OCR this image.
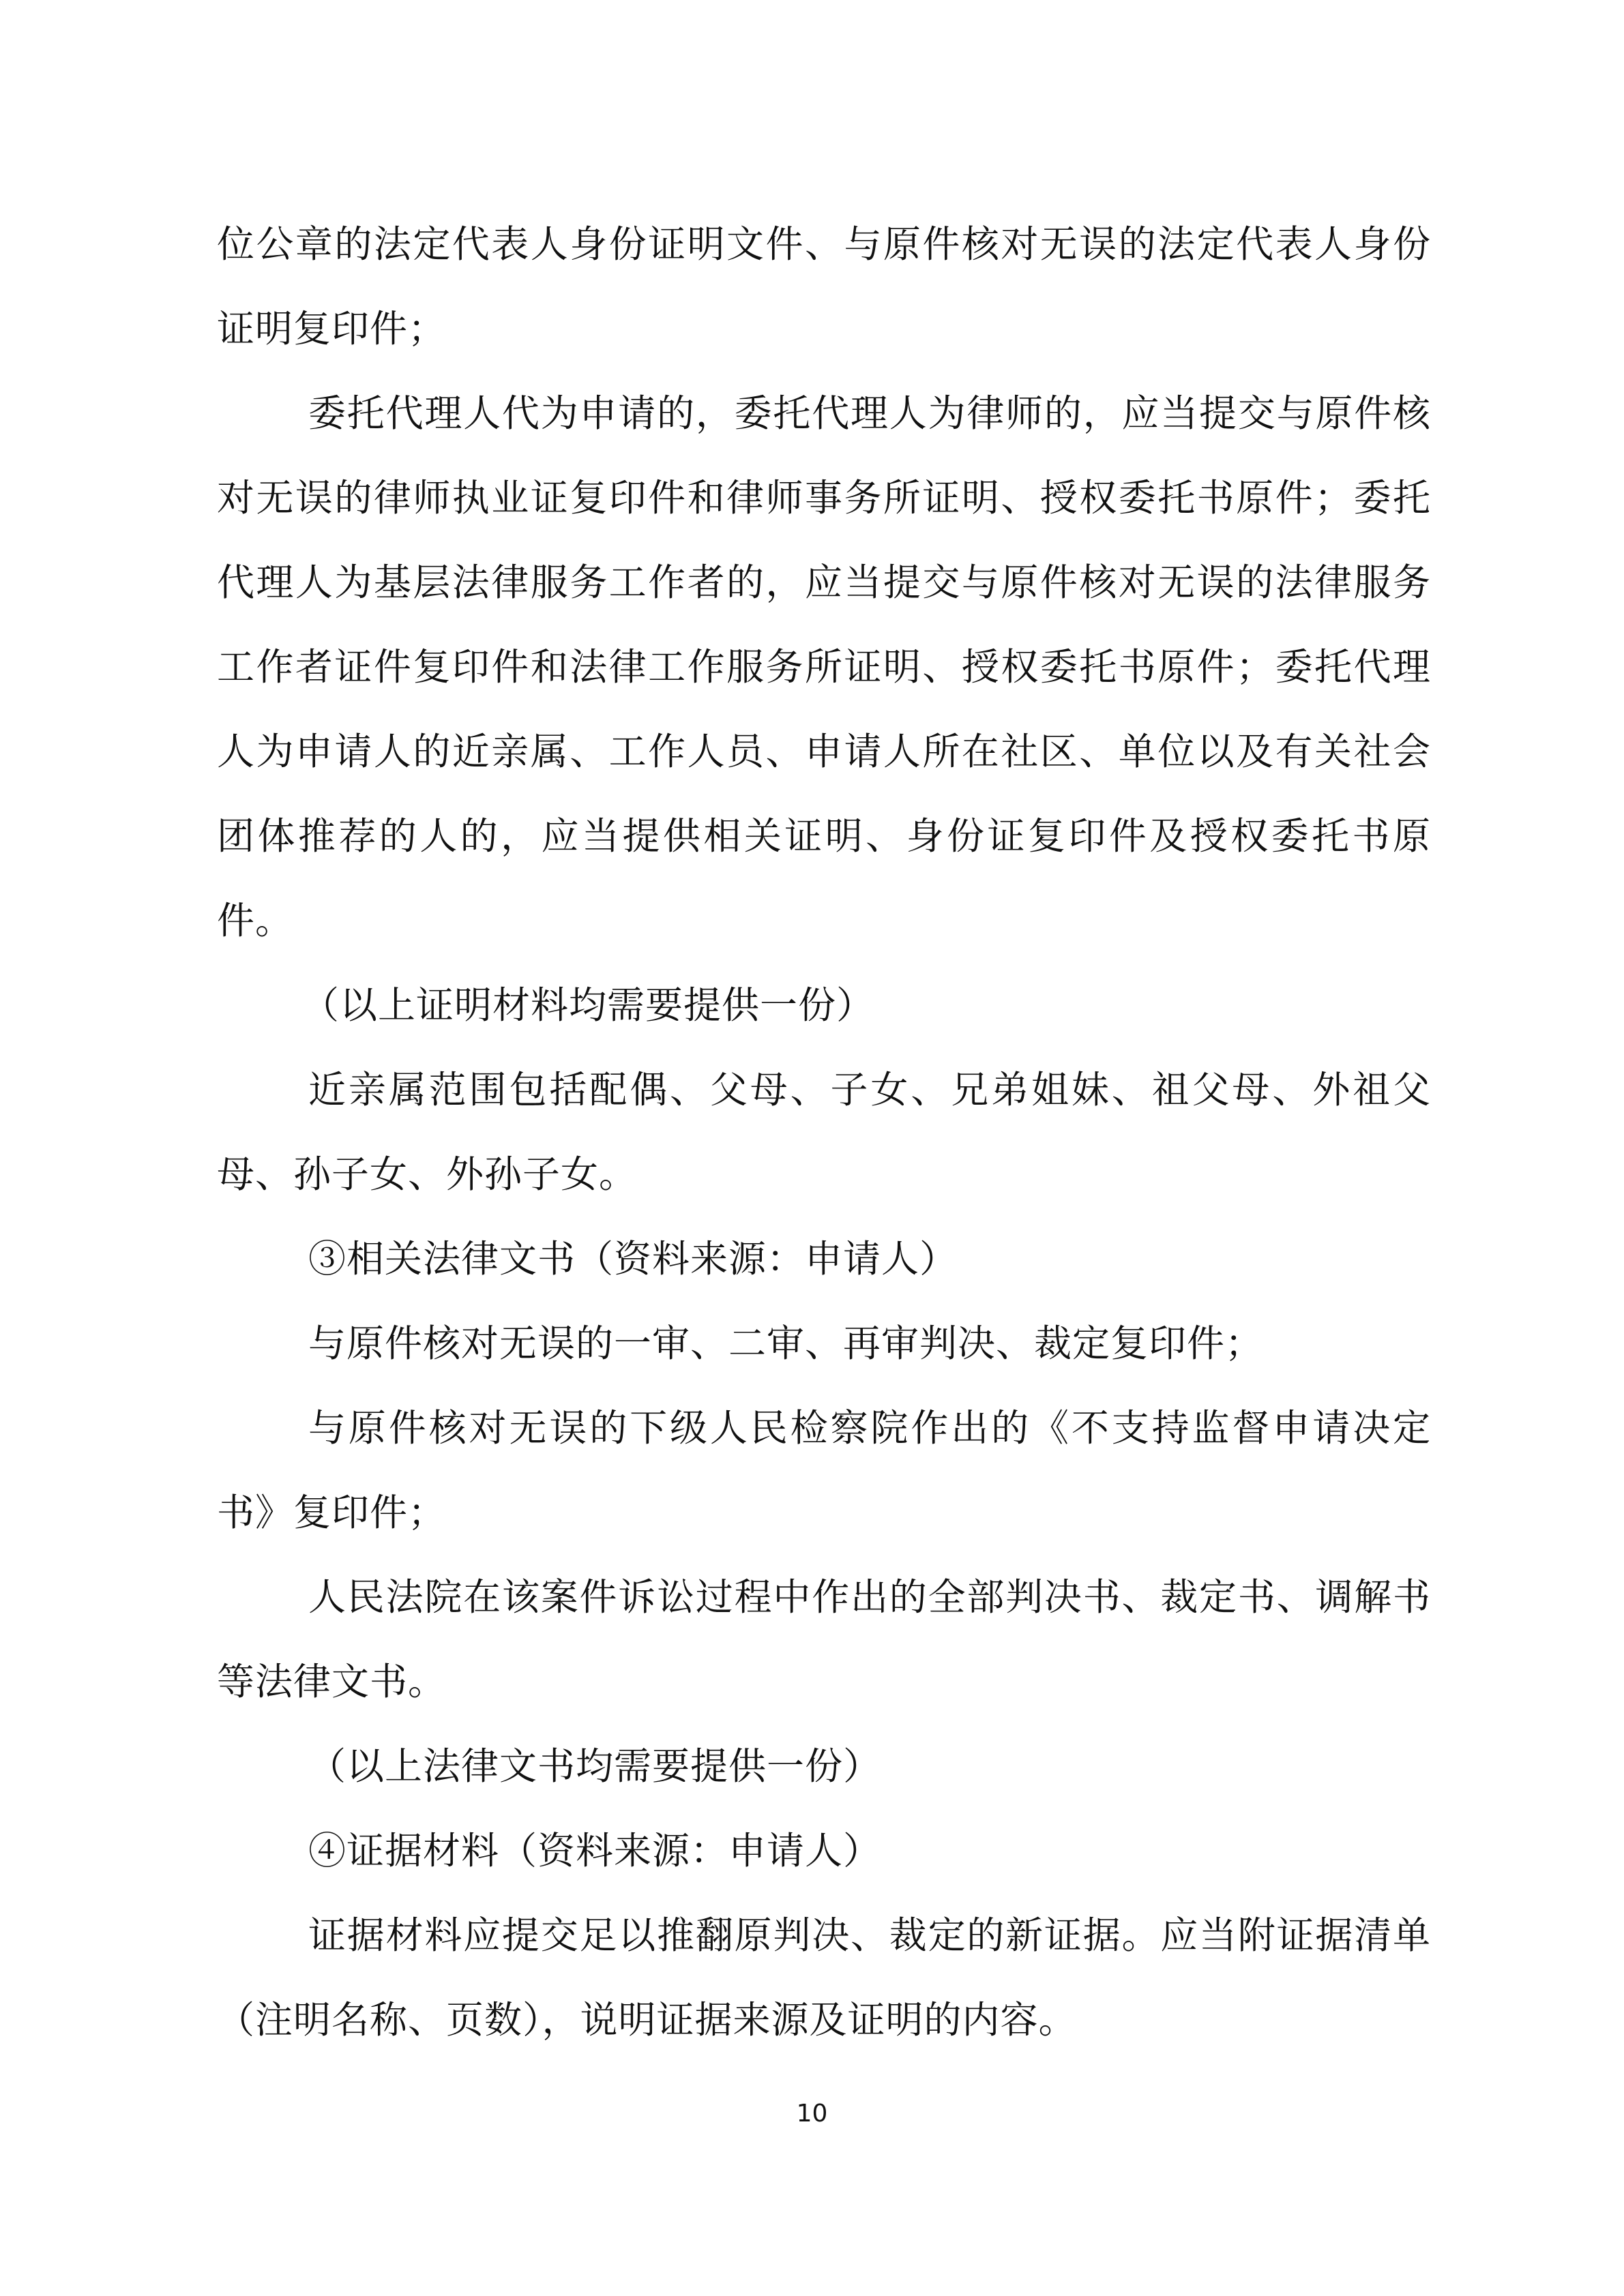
位公章的法定代表人身份证明文件、与原件核对无误的法定代表人身份证明复印件；

委托代理人代为申请的，委托代理人为律师的，应当提交与原件核对无误的律师执业证复印件和律师事务所证明、授权委托书原件；委托代理人为基层法律服务工作者的，应当提交与原件核对无误的法律服务工作者证件复印件和法律工作服务所证明、授权委托书原件；委托代理人为申请人的近亲属、工作人员、申请人所在社区、单位以及有关社会团体推荐的人的，应当提供相关证明、身份证复印件及授权委托书原件。

（以上证明材料均需要提供一份）

近亲属范围包括配偶、父母、子女、兄弟姐妹、祖父母、外祖父母、孙子女、外孙子女。

③相关法律文书（资料来源：申请人）

与原件核对无误的一审、二审、再审判决、裁定复印件；

与原件核对无误的下级人民检察院作出的《不支持监督申请决定书》复印件；

人民法院在该案件诉讼过程中作出的全部判决书、裁定书、调解书等法律文书。

（以上法律文书均需要提供一份）

④证据材料（资料来源：申请人）

证据材料应提交足以推翻原判决、裁定的新证据。应当附证据清单（注明名称、页数），说明证据来源及证明的内容。

10
